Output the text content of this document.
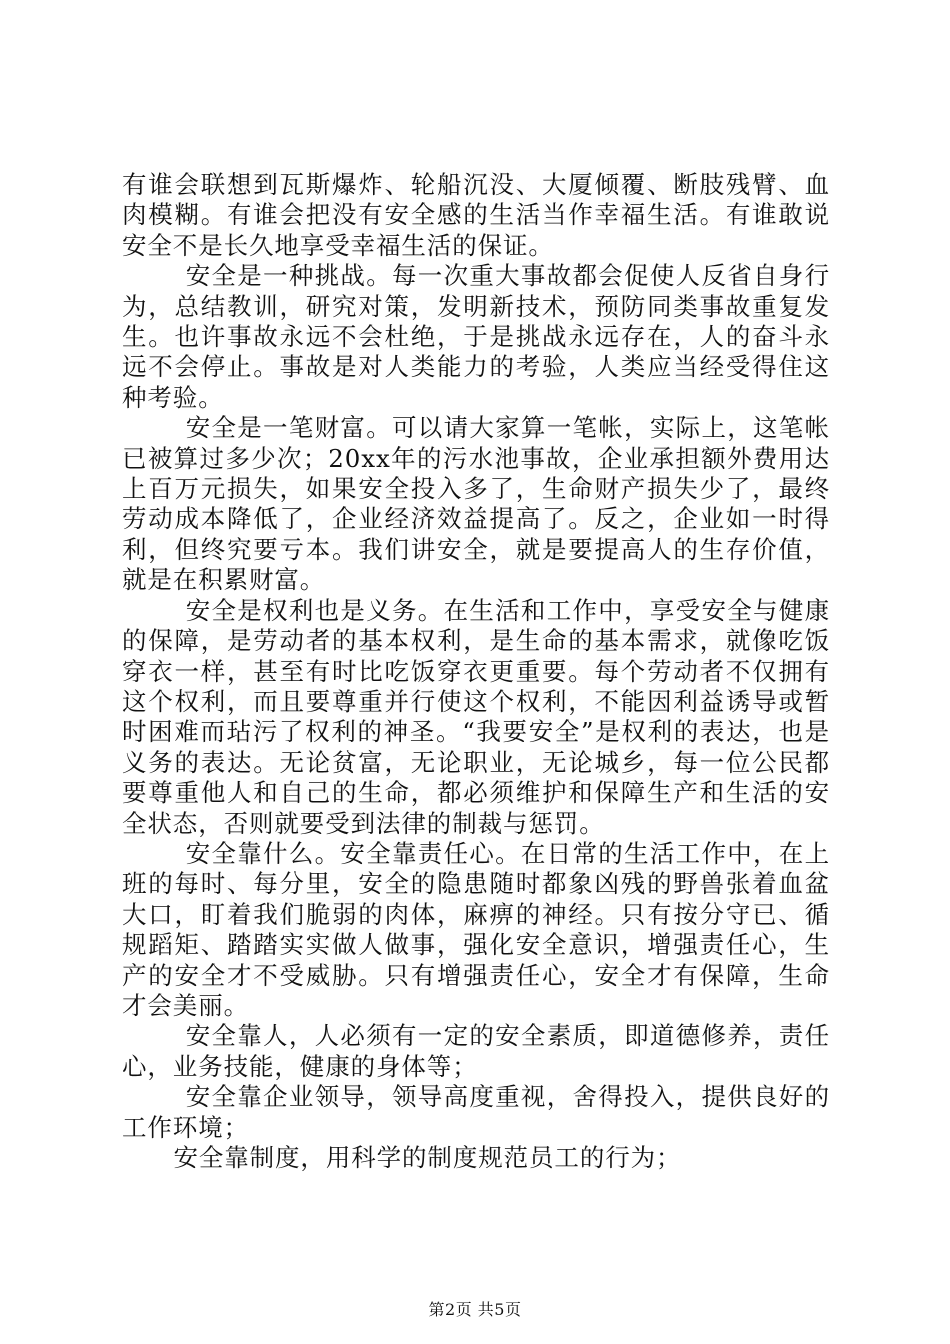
有谁会联想到瓦斯爆炸、轮船沉没、大厦倾覆、断肢残臂、血肉模糊。有谁会把没有安全感的生活当作幸福生活。有谁敢说安全不是长久地享受幸福生活的保证。

安全是一种挑战。每一次重大事故都会促使人反省自身行为，总结教训，研究对策，发明新技术，预防同类事故重复发生。也许事故永远不会杜绝，于是挑战永远存在，人的奋斗永远不会停止。事故是对人类能力的考验，人类应当经受得住这种考验。

安全是一笔财富。可以请大家算一笔帐，实际上，这笔帐已被算过多少次；20xx年的污水池事故，企业承担额外费用达上百万元损失，如果安全投入多了，生命财产损失少了，最终劳动成本降低了，企业经济效益提高了。反之，企业如一时得利，但终究要亏本。我们讲安全，就是要提高人的生存价值，就是在积累财富。

安全是权利也是义务。在生活和工作中，享受安全与健康的保障，是劳动者的基本权利，是生命的基本需求，就像吃饭穿衣一样，甚至有时比吃饭穿衣更重要。每个劳动者不仅拥有这个权利，而且要尊重并行使这个权利，不能因利益诱导或暂时困难而玷污了权利的神圣。“我要安全”是权利的表达，也是义务的表达。无论贫富，无论职业，无论城乡，每一位公民都要尊重他人和自己的生命，都必须维护和保障生产和生活的安全状态，否则就要受到法律的制裁与惩罚。

安全靠什么。安全靠责任心。在日常的生活工作中，在上班的每时、每分里，安全的隐患随时都象凶残的野兽张着血盆大口，盯着我们脆弱的肉体，麻痹的神经。只有按分守已、循规蹈矩、踏踏实实做人做事，强化安全意识，增强责任心，生产的安全才不受威胁。只有增强责任心，安全才有保障，生命才会美丽。

安全靠人，人必须有一定的安全素质，即道德修养，责任心，业务技能，健康的身体等；

安全靠企业领导，领导高度重视，舍得投入，提供良好的工作环境；

安全靠制度，用科学的制度规范员工的行为；

第2页 共5页
